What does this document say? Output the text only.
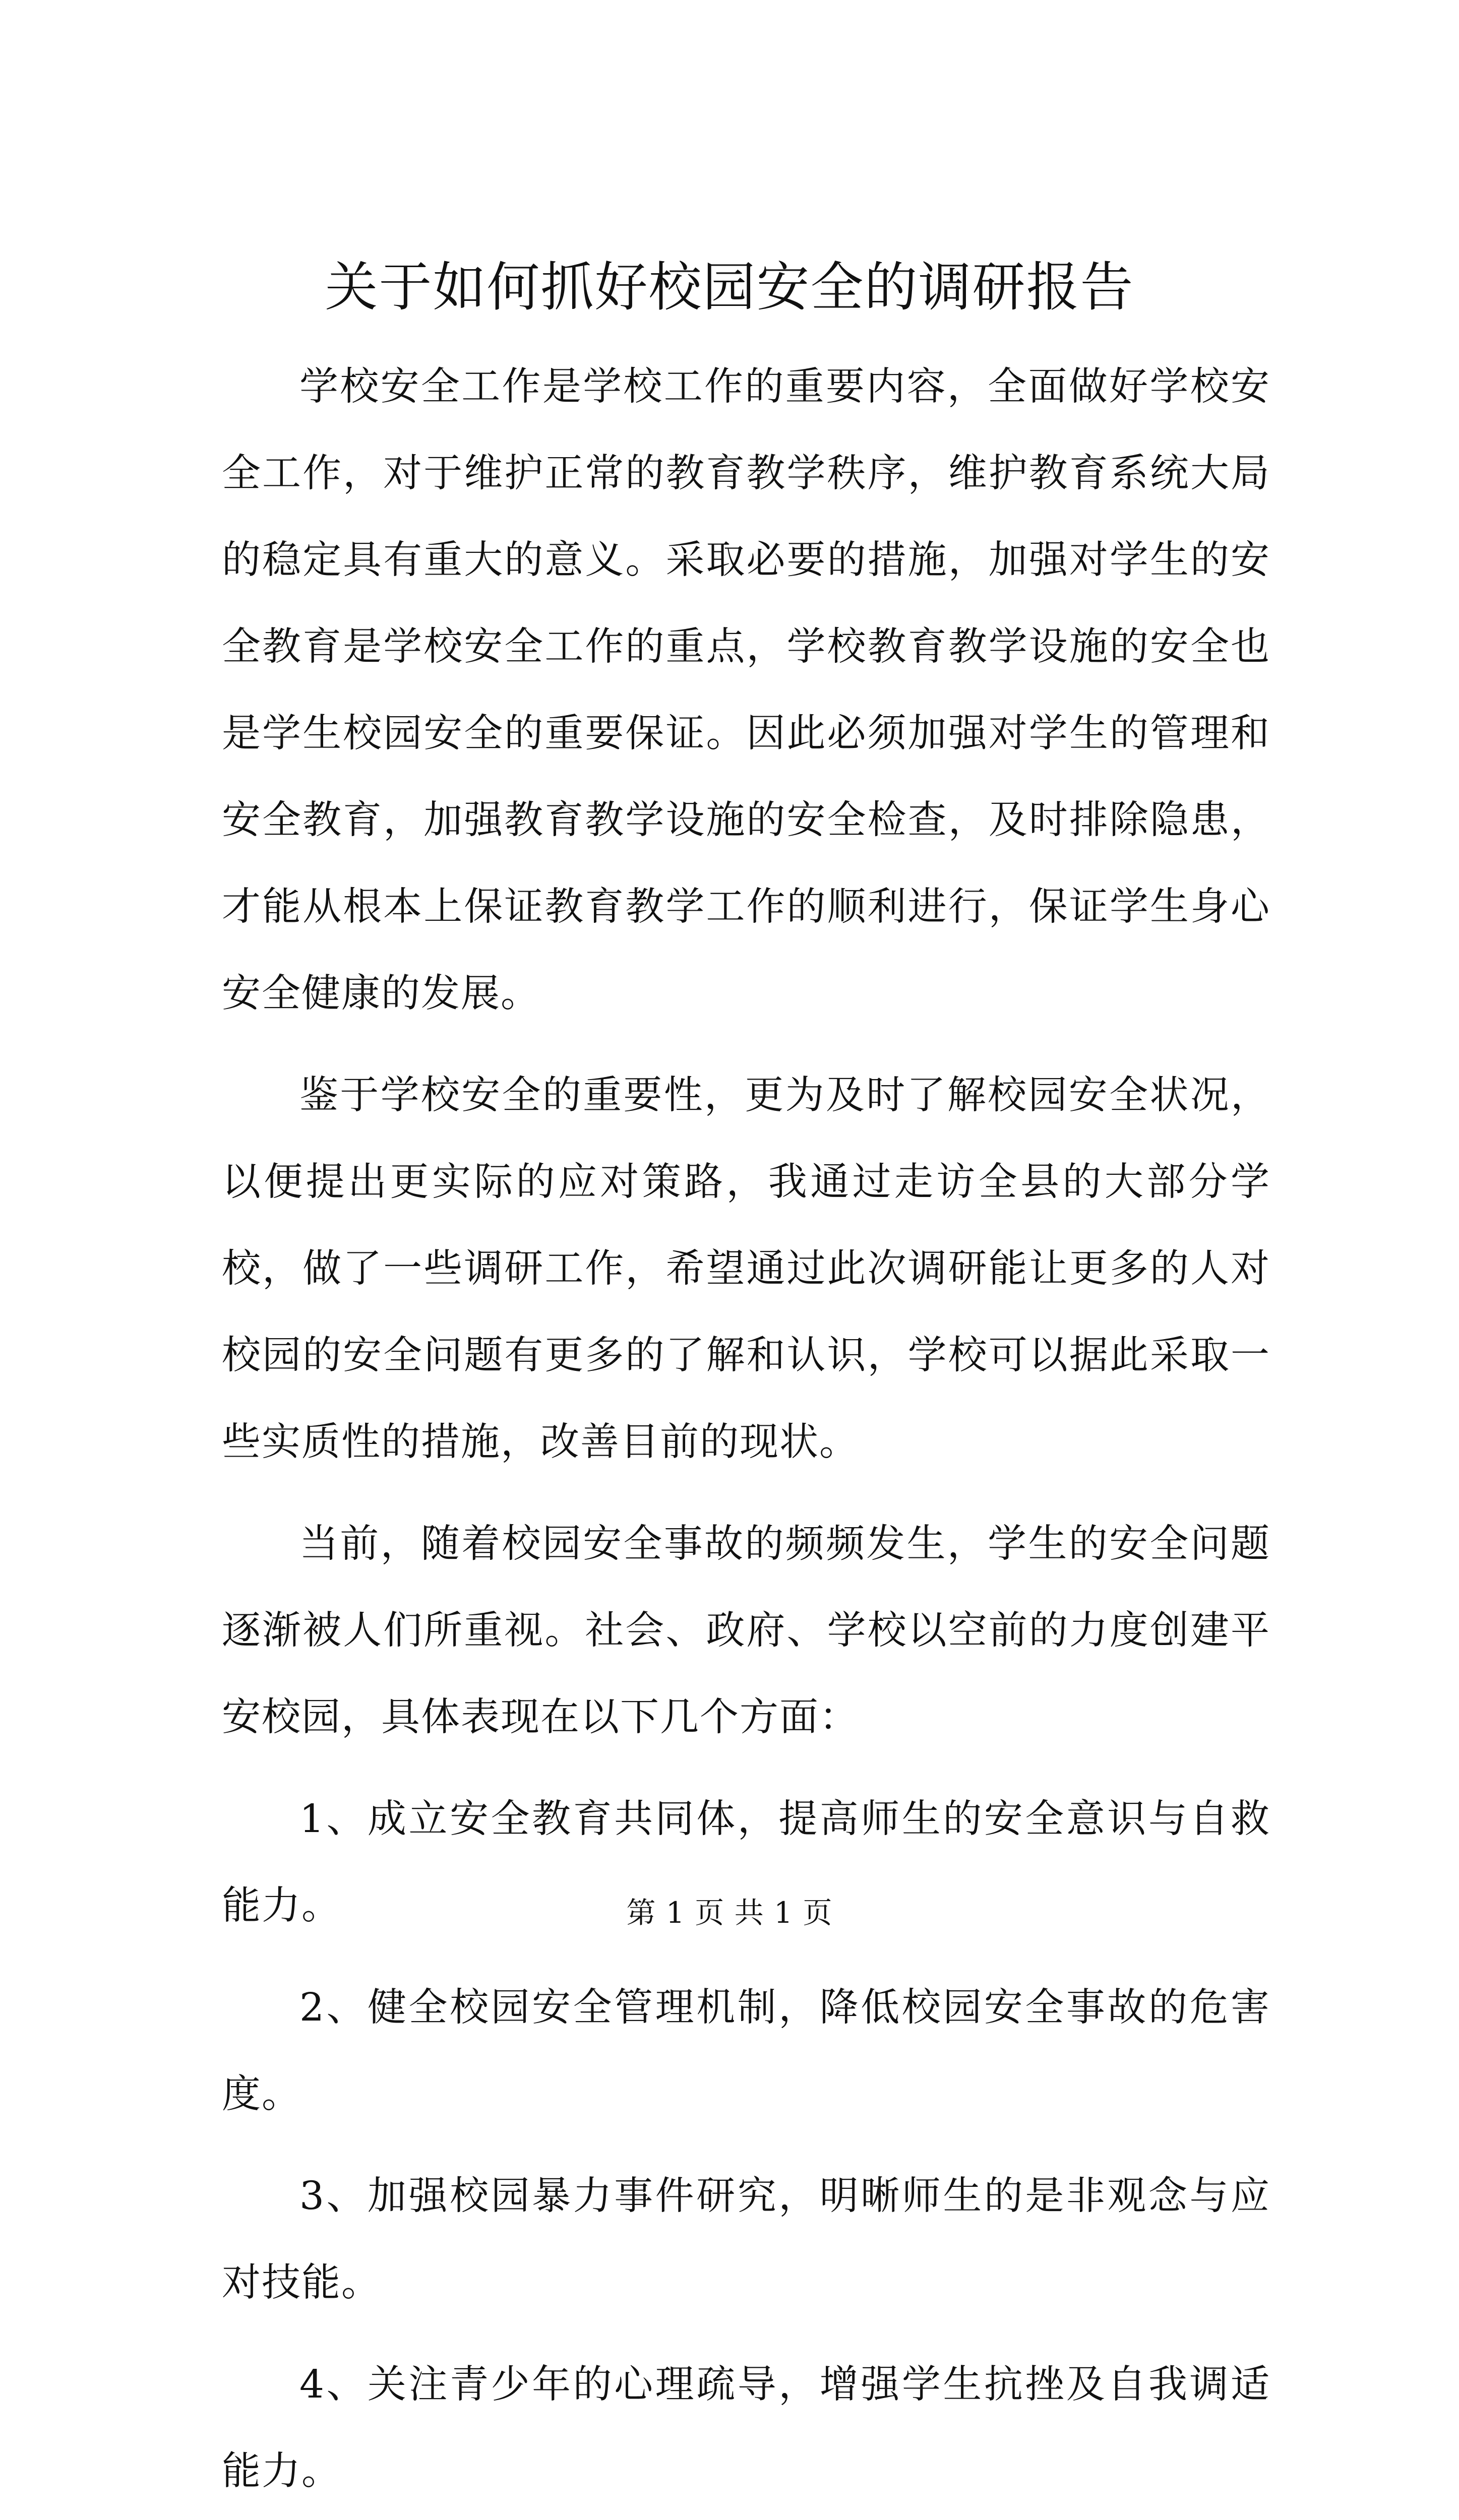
关于如何抓好校园安全的调研报告

学校安全工作是学校工作的重要内容，全面做好学校安全工作，对于维护正常的教育教学秩序，维护教育系统大局的稳定具有重大的意义。采取必要的措施，加强对学生的安全教育是学校安全工作的重点，学校教育教学设施的安全也是学生校园安全的重要保证。因此必须加强对学生的管理和安全教育，加强教育教学设施的安全检查，及时排除隐患，才能从根本上保证教育教学工作的顺利进行，保证学生身心安全健康的发展。

鉴于学校安全的重要性，更为及时了解校园安全状况，以便提出更实际的应对策路，我通过走访全县的大部分学校，做了一些调研工作，希望通过此次调研能让更多的人对校园的安全问题有更多的了解和认识，学校可以据此采取一些实质性的措施，改善目前的现状。

当前，随着校园安全事故的频频发生，学生的安全问题逐渐被人们所重视。社会、政府、学校以空前的力度创建平安校园，具体表现在以下几个方面：

1、成立安全教育共同体，提高师生的安全意识与自救能力。

2、健全校园安全管理机制，降低校园安全事故的危害度。

3、加强校园暴力事件研究，明晰师生的是非观念与应对技能。

4、关注青少年的心理疏导，增强学生抗挫及自我调适能力。

第 1 页 共 1 页
